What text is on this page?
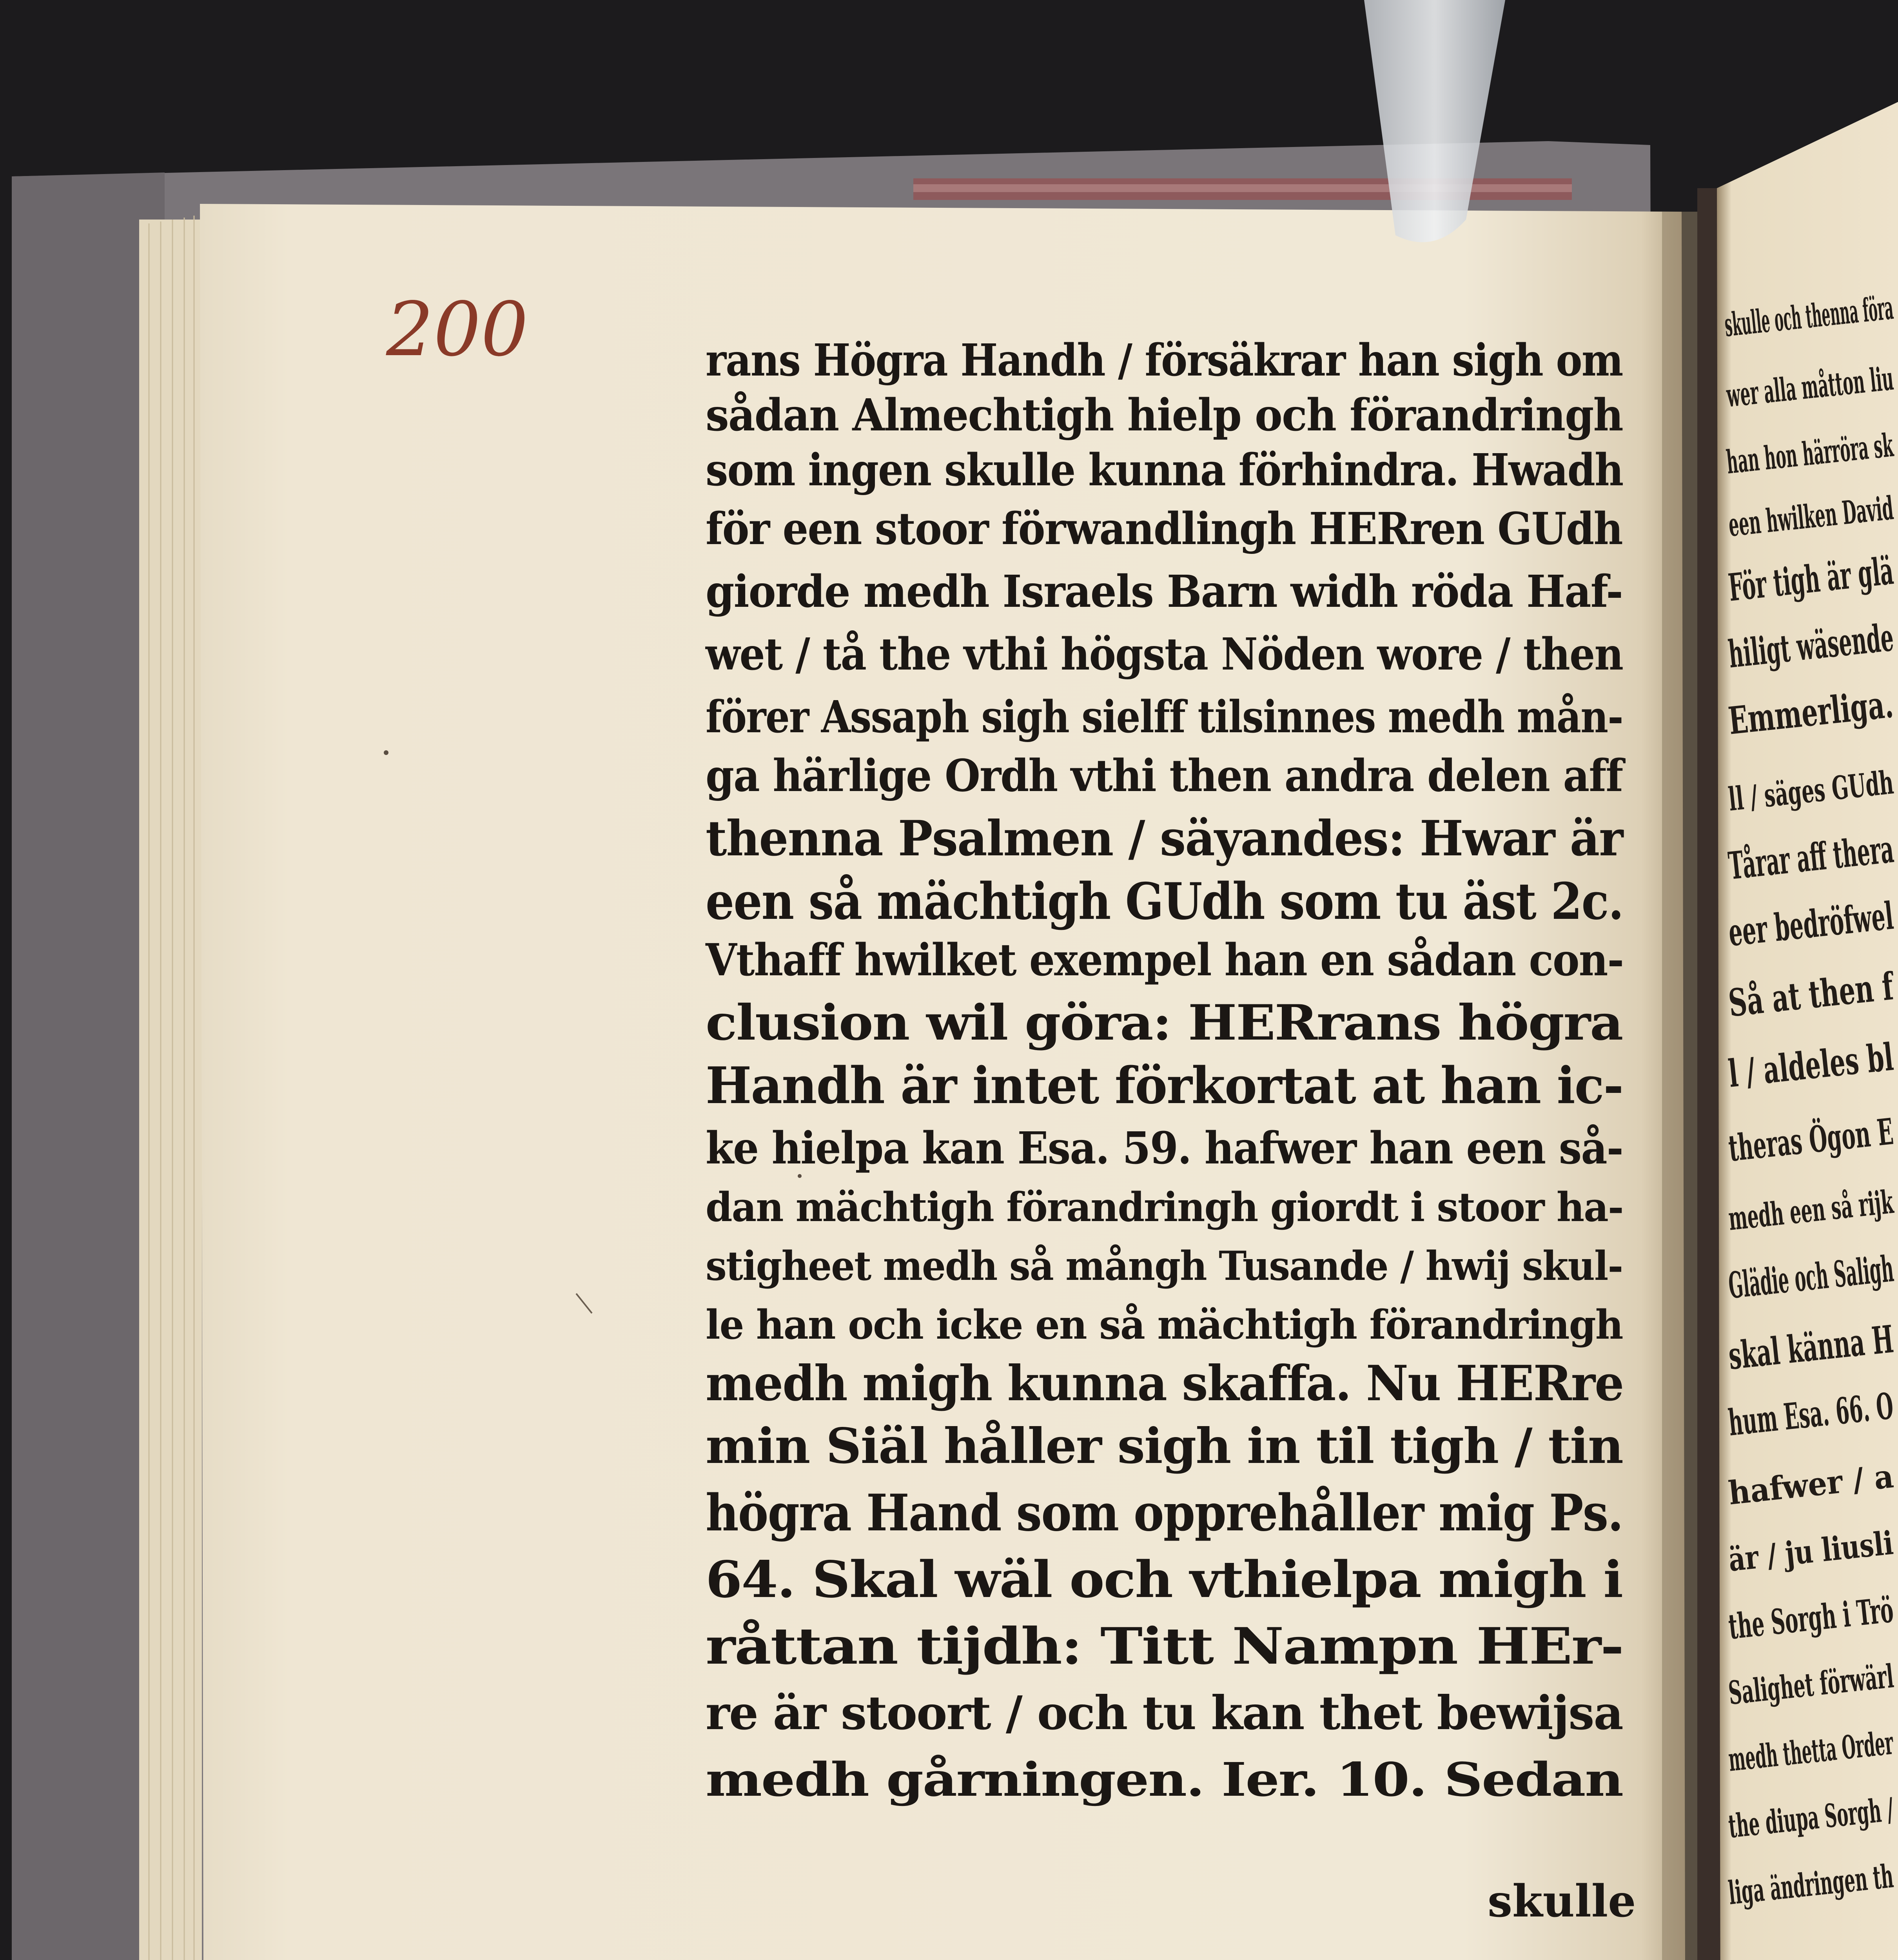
200	rans Högra Handh / försäkrar han sigh om
sådan Almechtigh hielp och förandringh
som ingen skulle kunna förhindra. Hwadh
för een stoor förwandlingh HERren GUdh
giorde medh Israels Barn widh röda Haf-
wet / tå the vthi högsta Nöden wore / then
förer Assaph sigh sielff tilsinnes medh mån-
ga härlige Ordh vthi then andra delen aff
thenna Psalmen / säyandes: Hwar är
een så mächtigh GUdh som tu äst 2c.
Vthaff hwilket exempel han en sådan con-
clusion wil göra: HERrans högra
Handh är intet förkortat at han ic-
ke hielpa kan Esa. 59. hafwer han een så-
dan mächtigh förandringh giordt i stoor ha-
stigheet medh så mångh Tusande / hwij skul-
le han och icke en så mächtigh förandringh
medh migh kunna skaffa. Nu HERre
min Siäl håller sigh in til tigh / tin
högra Hand som opprehåller mig Ps.
64. Skal wäl och vthielpa migh i
råttan tijdh: Titt Nampn HEr-
re är stoort / och tu kan thet bewijsa
medh gårningen. Ier. 10. Sedan
skulle
skulle och thenna föra
wer alla måtton liu
han hon härröra sk
een hwilken David
För tigh är glä
hiligt wäsende
Emmerliga.
ll / säges GUdh
Tårar aff thera
eer bedröfwel
Så at then f
l / aldeles bl
theras Ögon E
medh een så rijk
Glädie och Saligh
skal känna H
hum Esa. 66. O
hafwer / a
är / ju liusli
the Sorgh i Trö
Salighet förwärl
medh thetta Order
the diupa Sorgh /
liga ändringen th
